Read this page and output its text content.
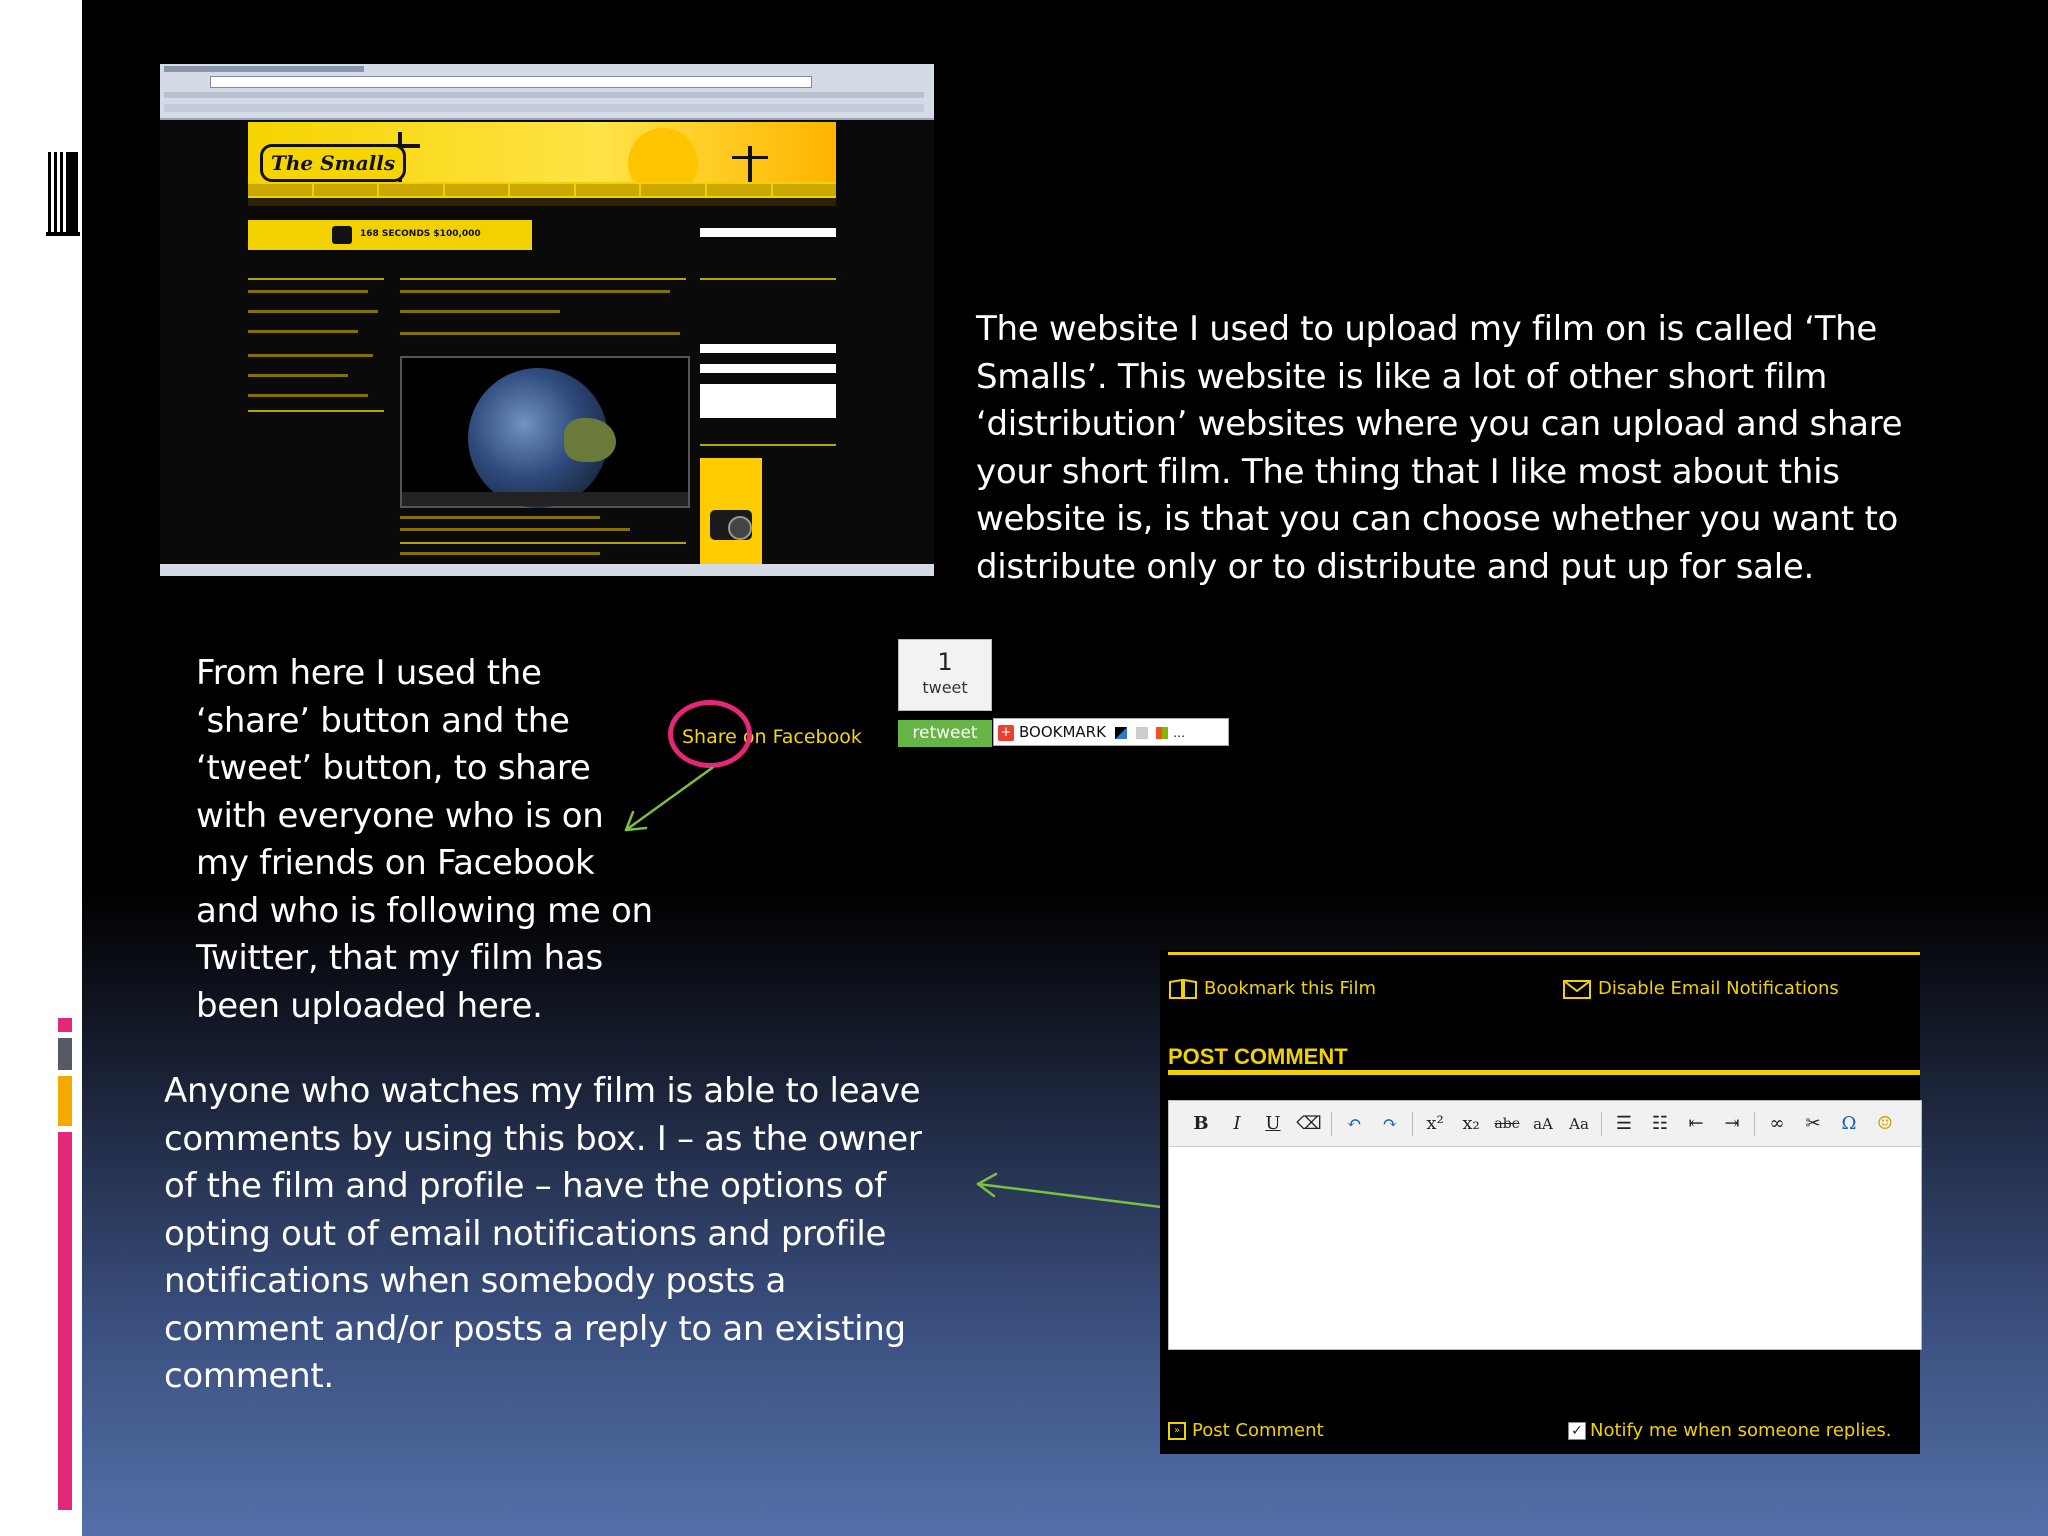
The Smalls
168 SECONDS $100,000
The website I used to upload my film on is called ‘The
Smalls’. This website is like a lot of other short film
‘distribution’ websites where you can upload and share
your short film. The thing that I like most about this
website is, is that you can choose whether you want to
distribute only or to distribute and put up for sale.
From here I used the
‘share’ button and the
‘tweet’ button, to share
with everyone who is on
my friends on Facebook
and who is following me on
Twitter, that my film has
been uploaded here.
Share on Facebook
1
tweet
retweet	+ BOOKMARK	…
Anyone who watches my film is able to leave
comments by using this box. I – as the owner
of the film and profile – have the options of
opting out of email notifications and profile
notifications when somebody posts a
comment and/or posts a reply to an existing
comment.
Bookmark this Film	Disable Email Notifications
POST COMMENT
B	I	U ⌫	↶	↷	x² x₂	abc aA Aa	☰	☷	⇤	⇥	∞	✂	Ω	☺
» Post Comment	✓ Notify me when someone replies.
